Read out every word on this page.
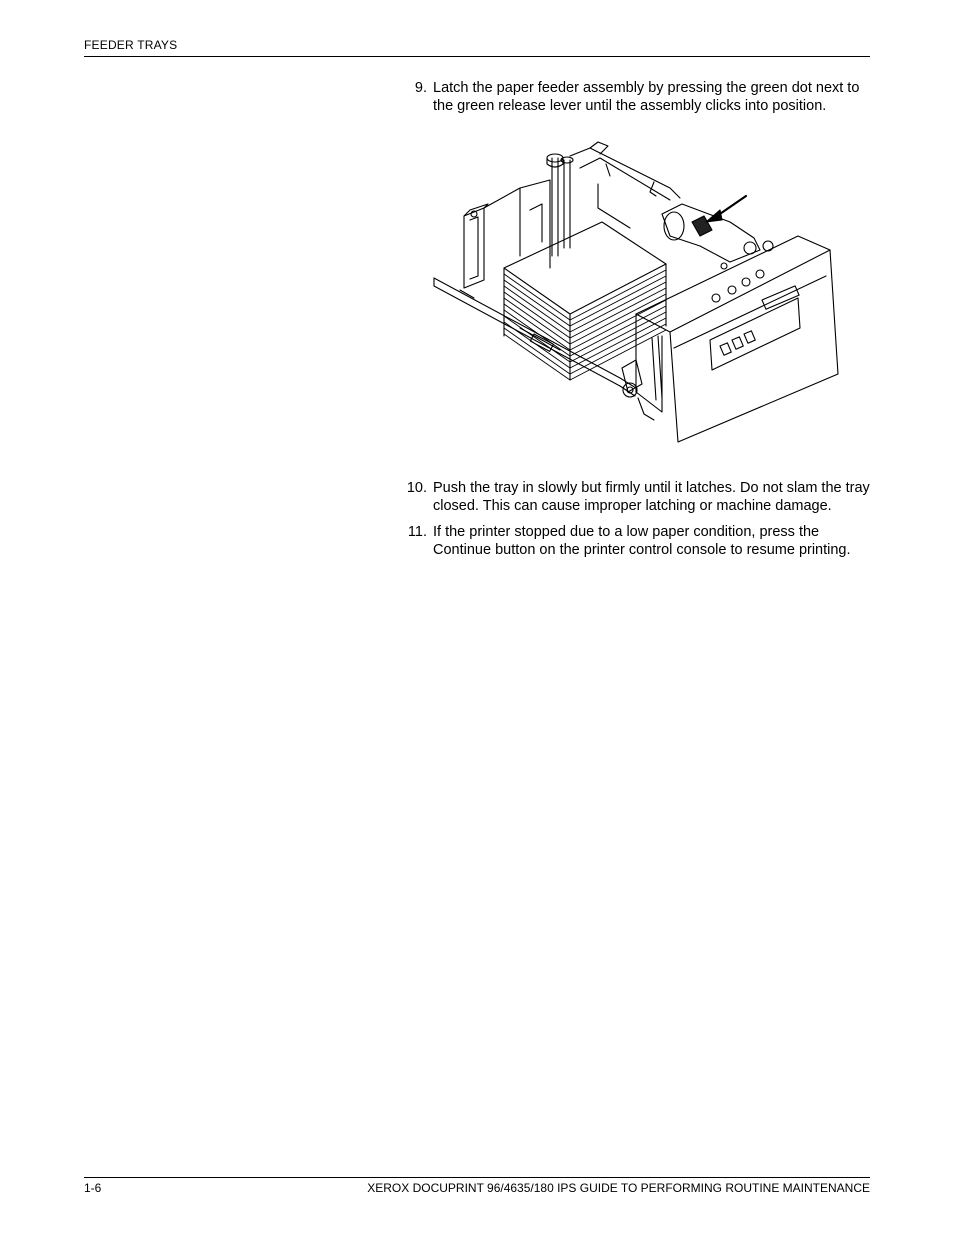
FEEDER TRAYS
9. Latch the paper feeder assembly by pressing the green dot next to the green release lever until the assembly clicks into position.
10. Push the tray in slowly but firmly until it latches. Do not slam the tray closed. This can cause improper latching or machine damage.
11. If the printer stopped due to a low paper condition, press the Continue button on the printer control console to resume printing.
1-6	XEROX DOCUPRINT 96/4635/180 IPS GUIDE TO PERFORMING ROUTINE MAINTENANCE
